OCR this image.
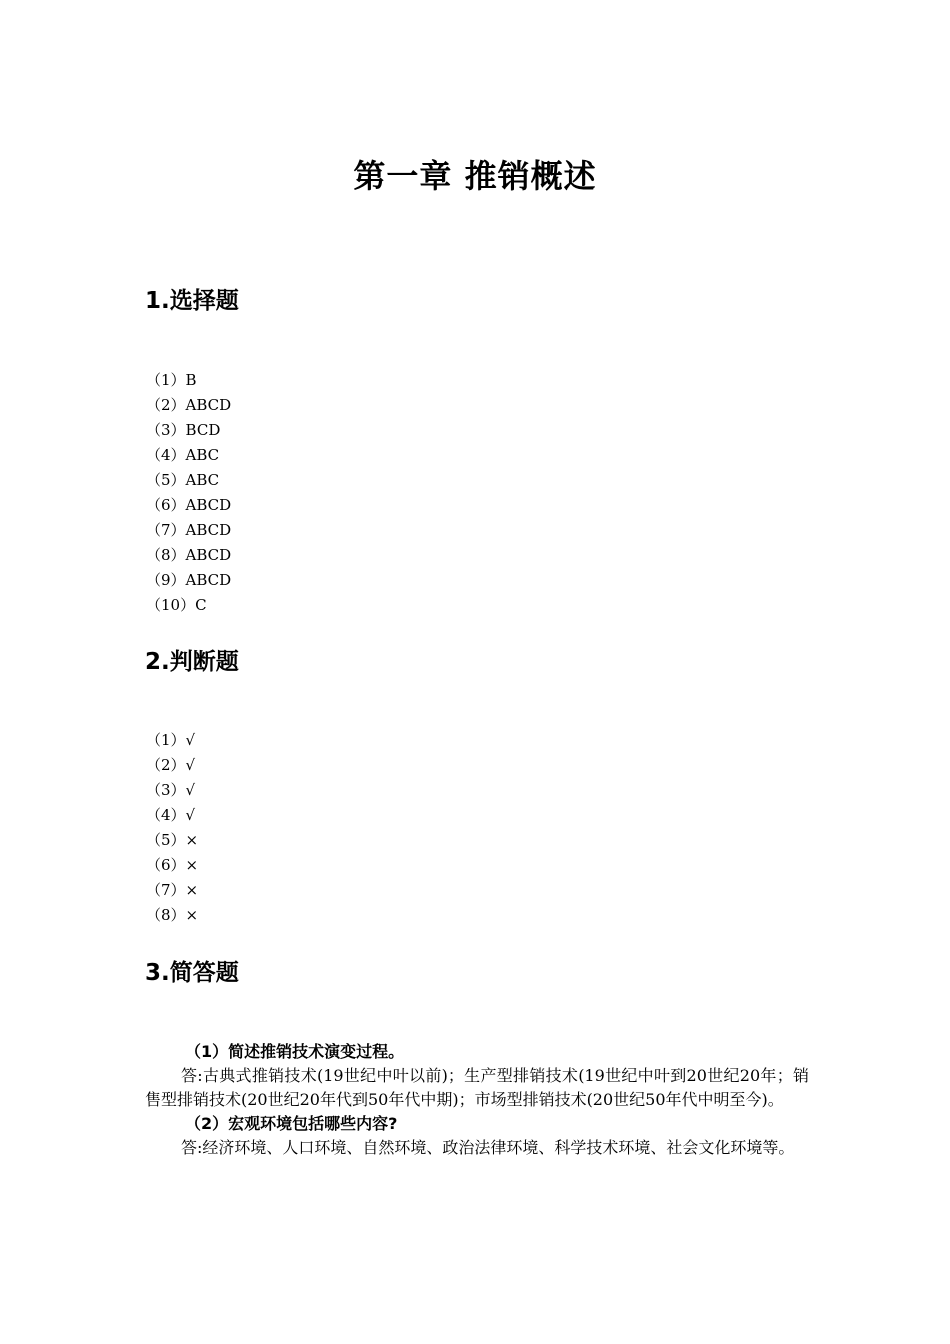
第一章 推销概述
1.选择题
（1）B
（2）ABCD
（3）BCD
（4）ABC
（5）ABC
（6）ABCD
（7）ABCD
（8）ABCD
（9）ABCD
（10）C
2.判断题
（1）√
（2）√
（3）√
（4）√
（5）×
（6）×
（7）×
（8）×
3.简答题

（1）简述推销技术演变过程。

答:古典式推销技术(19世纪中叶以前)；生产型排销技术(19世纪中叶到20世纪20年；销售型排销技术(20世纪20年代到50年代中期)；市场型排销技术(20世纪50年代中明至今)。

（2）宏观环境包括哪些内容?

答:经济环境、人口环境、自然环境、政治法律环境、科学技术环境、社会文化环境等。
